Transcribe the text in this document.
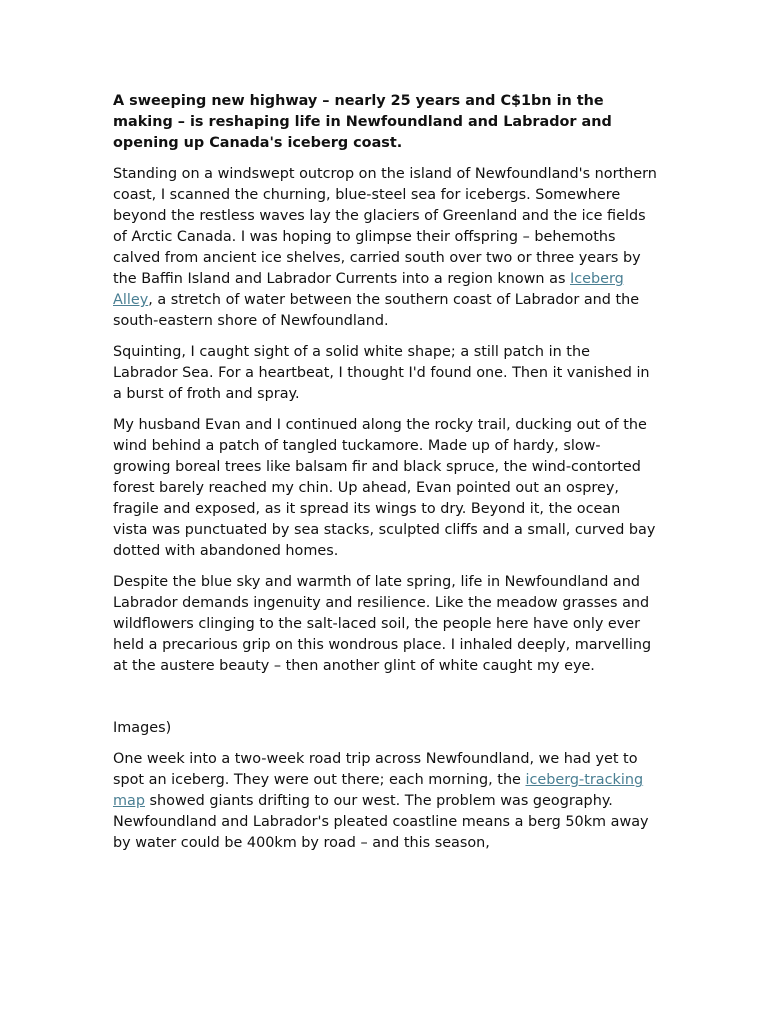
A sweeping new highway – nearly 25 years and C$1bn in the making – is reshaping life in Newfoundland and Labrador and opening up Canada's iceberg coast.

Standing on a windswept outcrop on the island of Newfoundland's northern coast, I scanned the churning, blue-steel sea for icebergs. Somewhere beyond the restless waves lay the glaciers of Greenland and the ice fields of Arctic Canada. I was hoping to glimpse their offspring – behemoths calved from ancient ice shelves, carried south over two or three years by the Baffin Island and Labrador Currents into a region known as Iceberg Alley, a stretch of water between the southern coast of Labrador and the south-eastern shore of Newfoundland.

Squinting, I caught sight of a solid white shape; a still patch in the Labrador Sea. For a heartbeat, I thought I'd found one. Then it vanished in a burst of froth and spray.

My husband Evan and I continued along the rocky trail, ducking out of the wind behind a patch of tangled tuckamore. Made up of hardy, slow-growing boreal trees like balsam fir and black spruce, the wind-contorted forest barely reached my chin. Up ahead, Evan pointed out an osprey, fragile and exposed, as it spread its wings to dry. Beyond it, the ocean vista was punctuated by sea stacks, sculpted cliffs and a small, curved bay dotted with abandoned homes.

Despite the blue sky and warmth of late spring, life in Newfoundland and Labrador demands ingenuity and resilience. Like the meadow grasses and wildflowers clinging to the salt-laced soil, the people here have only ever held a precarious grip on this wondrous place. I inhaled deeply, marvelling at the austere beauty – then another glint of white caught my eye.

Images)

One week into a two-week road trip across Newfoundland, we had yet to spot an iceberg. They were out there; each morning, the iceberg-tracking map showed giants drifting to our west. The problem was geography. Newfoundland and Labrador's pleated coastline means a berg 50km away by water could be 400km by road – and this season,
